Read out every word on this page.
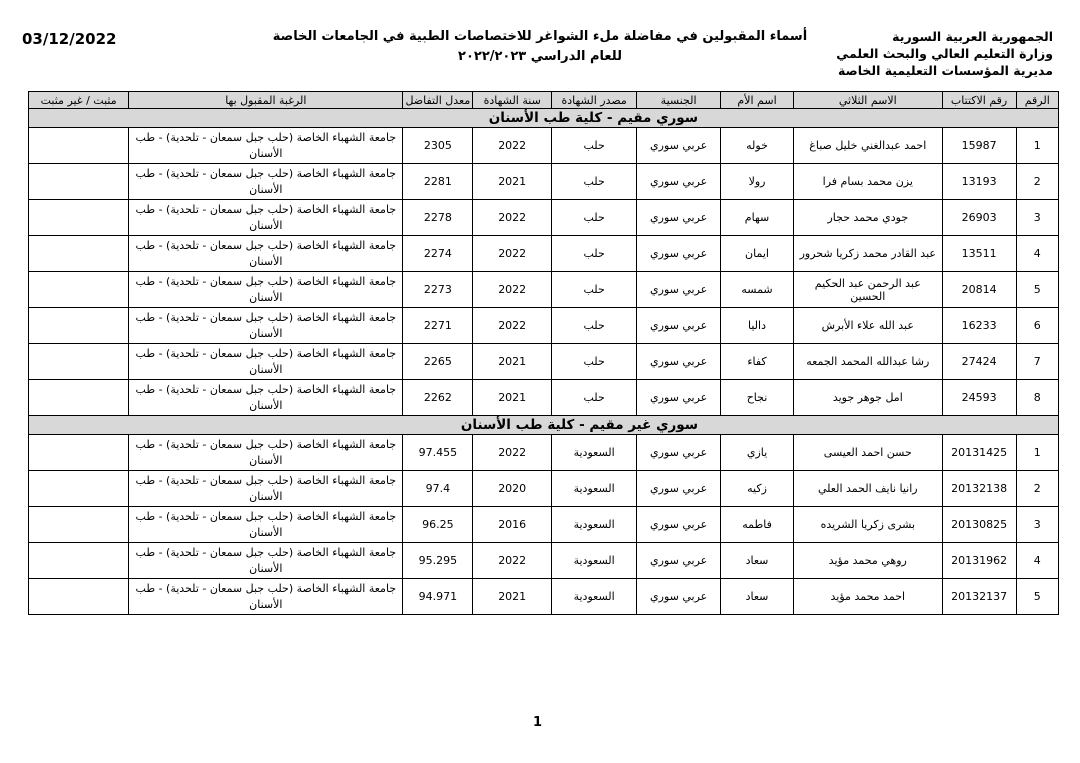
03/12/2022	الجمهورية العربية السورية
وزارة التعليم العالي والبحث العلمي
مديرية المؤسسات التعليمية الخاصة
أسماء المقبولين في مفاضلة ملء الشواغر للاختصاصات الطبية في الجامعات الخاصة
للعام الدراسي ٢٠٢٢/٢٠٢٣
الرقم	رقم الاكتتاب	الاسم الثلاثي	اسم الأم	الجنسية	مصدر الشهادة	سنة الشهادة	معدل التفاضل	الرغبة المقبول بها	مثبت / غير مثبت
سوري مقيم - كلية طب الأسنان									
1	15987	احمد عبدالغني خليل صباغ	خوله	عربي سوري	حلب	2022	2305	جامعة الشهباء الخاصة (حلب جبل سمعان - تلحدية) - طب الأسنان	
2	13193	يزن محمد بسام فرا	رولا	عربي سوري	حلب	2021	2281	جامعة الشهباء الخاصة (حلب جبل سمعان - تلحدية) - طب الأسنان	
3	26903	جودي محمد حجار	سهام	عربي سوري	حلب	2022	2278	جامعة الشهباء الخاصة (حلب جبل سمعان - تلحدية) - طب الأسنان	
4	13511	عبد القادر محمد زكريا شحرور	ايمان	عربي سوري	حلب	2022	2274	جامعة الشهباء الخاصة (حلب جبل سمعان - تلحدية) - طب الأسنان	
5	20814	عبد الرحمن عبد الحكيم الحسين	شمسه	عربي سوري	حلب	2022	2273	جامعة الشهباء الخاصة (حلب جبل سمعان - تلحدية) - طب الأسنان	
6	16233	عبد الله علاء الأبرش	داليا	عربي سوري	حلب	2022	2271	جامعة الشهباء الخاصة (حلب جبل سمعان - تلحدية) - طب الأسنان	
7	27424	رشا عبدالله المحمد الجمعه	كفاء	عربي سوري	حلب	2021	2265	جامعة الشهباء الخاصة (حلب جبل سمعان - تلحدية) - طب الأسنان	
8	24593	امل جوهر جويد	نجاح	عربي سوري	حلب	2021	2262	جامعة الشهباء الخاصة (حلب جبل سمعان - تلحدية) - طب الأسنان	
سوري غير مقيم - كلية طب الأسنان									
1	20131425	حسن احمد العيسى	يازي	عربي سوري	السعودية	2022	97.455	جامعة الشهباء الخاصة (حلب جبل سمعان - تلحدية) - طب الأسنان	
2	20132138	رانيا نايف الحمد العلي	زكيه	عربي سوري	السعودية	2020	97.4	جامعة الشهباء الخاصة (حلب جبل سمعان - تلحدية) - طب الأسنان	
3	20130825	بشرى زكريا الشريده	فاطمه	عربي سوري	السعودية	2016	96.25	جامعة الشهباء الخاصة (حلب جبل سمعان - تلحدية) - طب الأسنان	
4	20131962	روهي محمد مؤيد	سعاد	عربي سوري	السعودية	2022	95.295	جامعة الشهباء الخاصة (حلب جبل سمعان - تلحدية) - طب الأسنان	
5	20132137	احمد محمد مؤيد	سعاد	عربي سوري	السعودية	2021	94.971	جامعة الشهباء الخاصة (حلب جبل سمعان - تلحدية) - طب الأسنان	
1
